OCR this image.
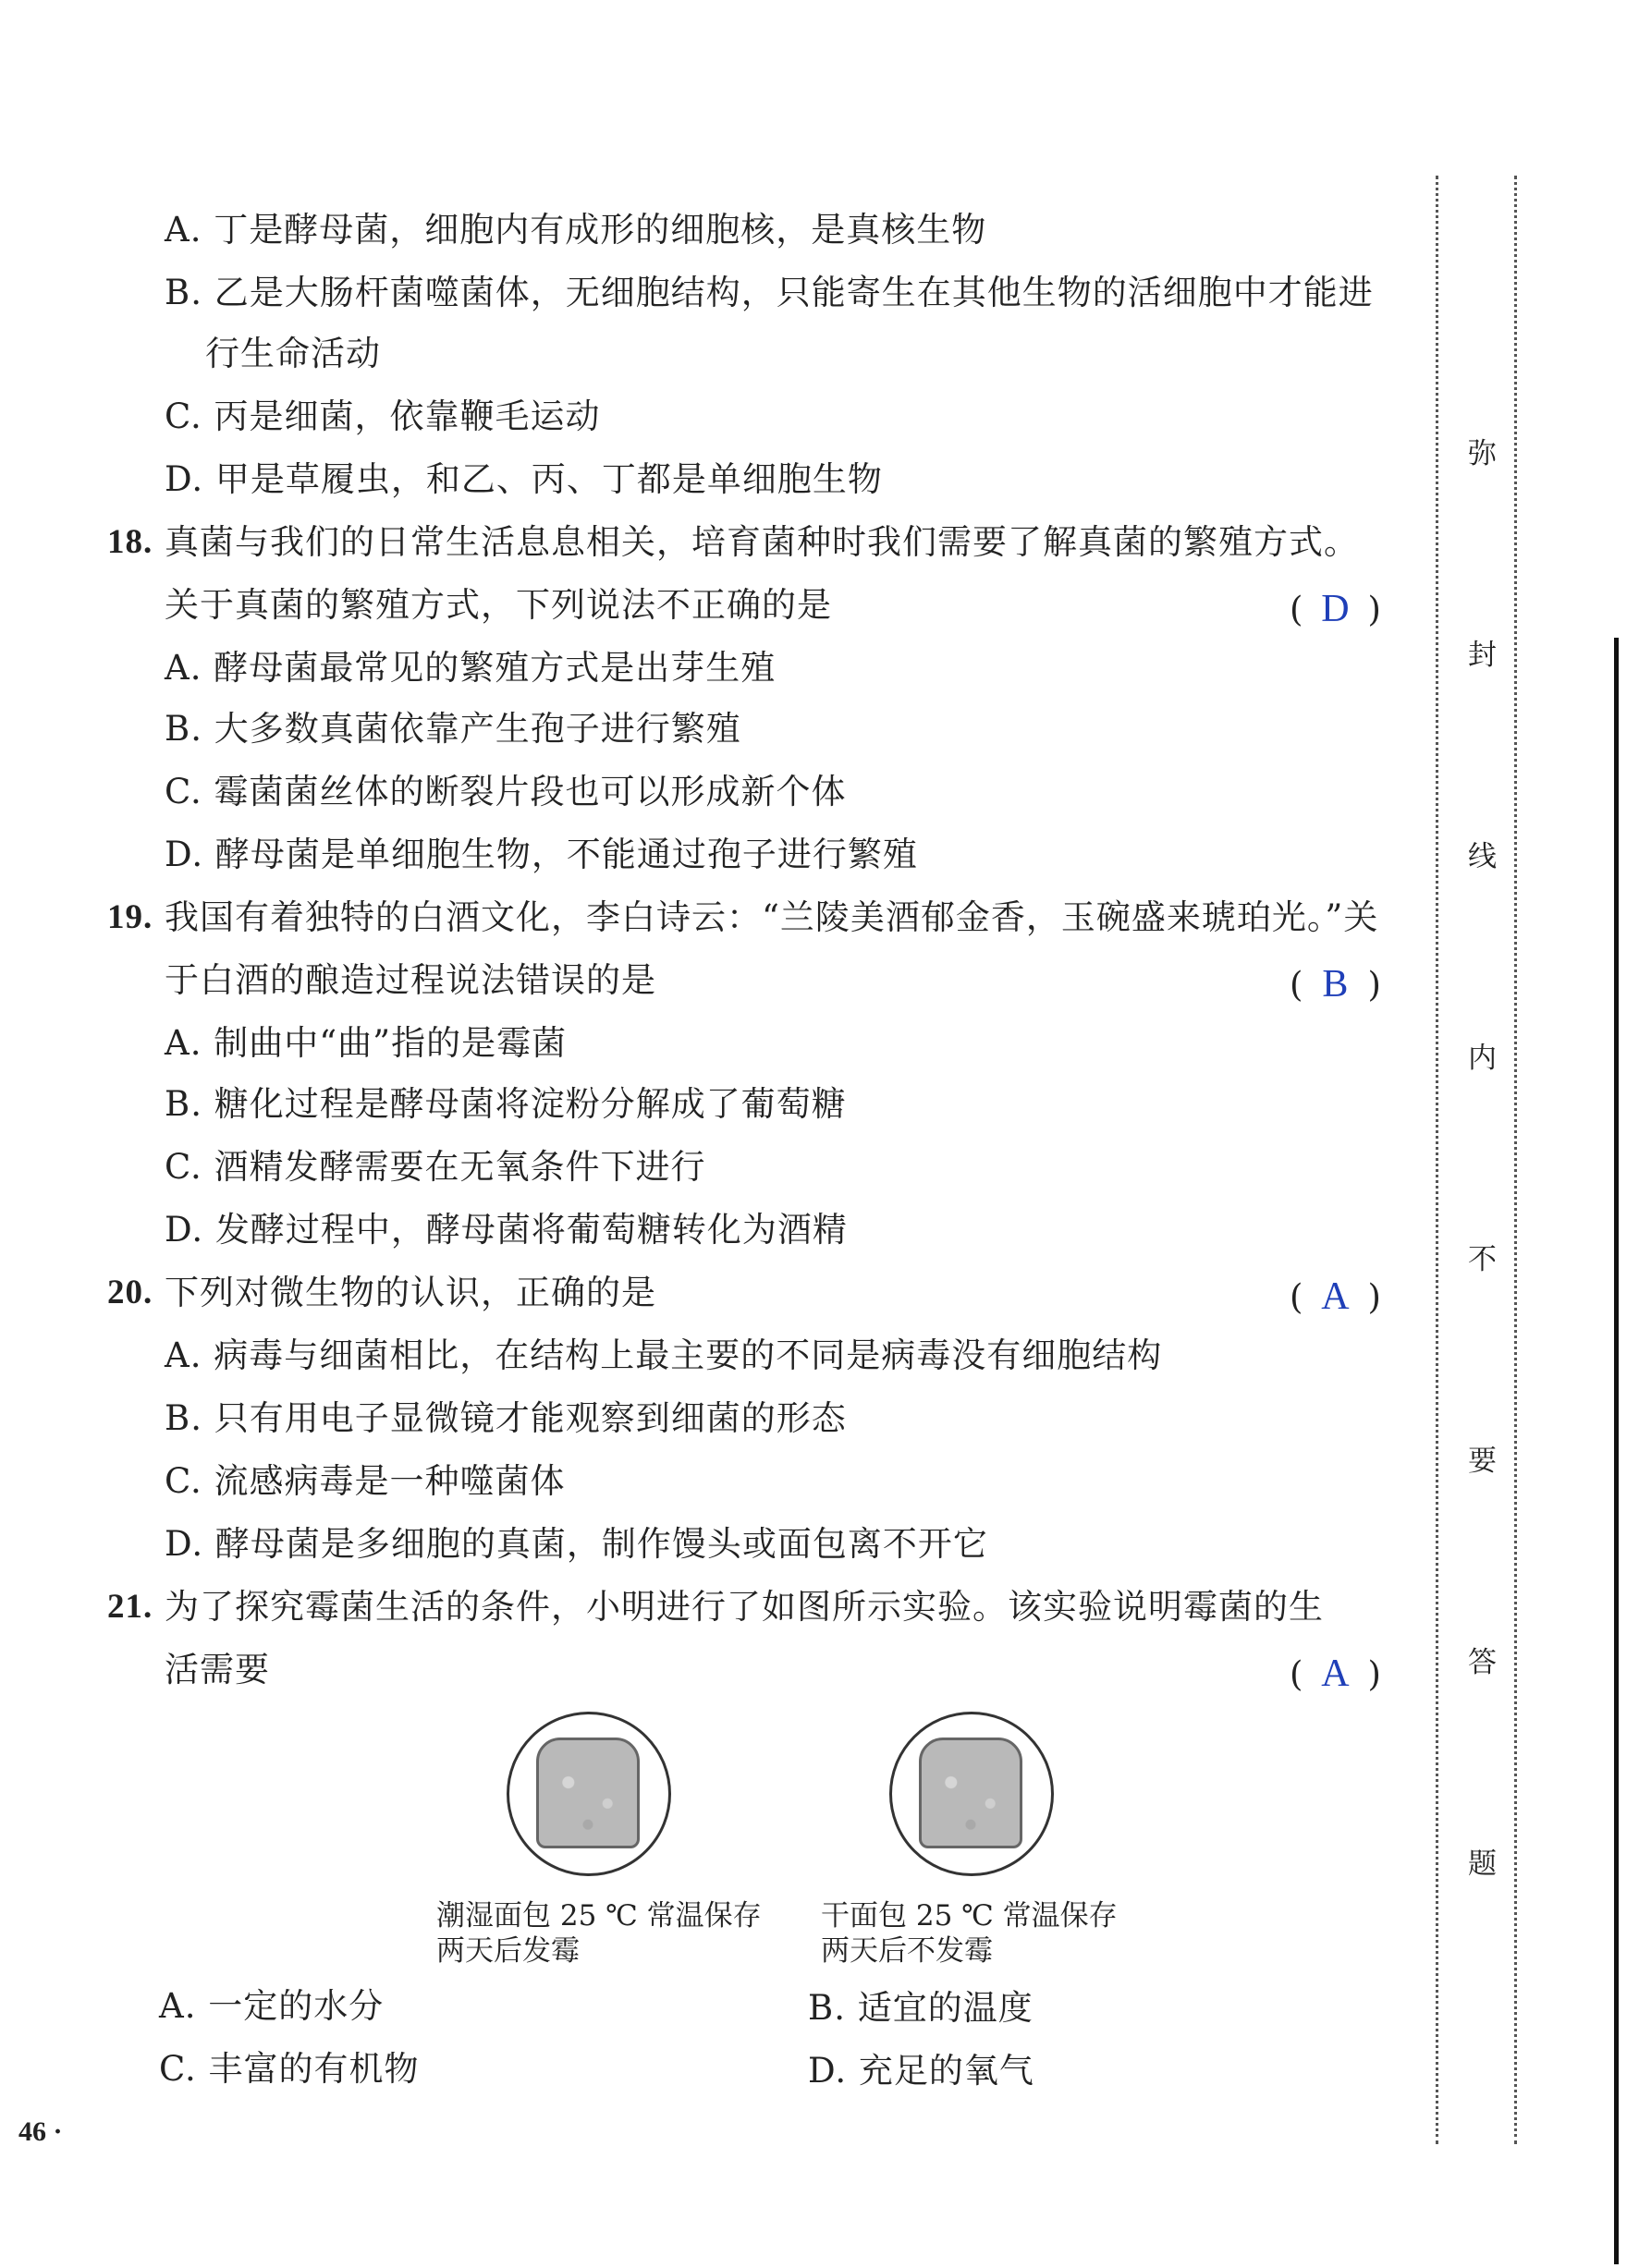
A. 丁是酵母菌，细胞内有成形的细胞核，是真核生物
B. 乙是大肠杆菌噬菌体，无细胞结构，只能寄生在其他生物的活细胞中才能进
行生命活动
C. 丙是细菌，依靠鞭毛运动
D. 甲是草履虫，和乙、丙、丁都是单细胞生物
18. 真菌与我们的日常生活息息相关，培育菌种时我们需要了解真菌的繁殖方式。
关于真菌的繁殖方式，下列说法不正确的是	( D )
A. 酵母菌最常见的繁殖方式是出芽生殖
B. 大多数真菌依靠产生孢子进行繁殖
C. 霉菌菌丝体的断裂片段也可以形成新个体
D. 酵母菌是单细胞生物，不能通过孢子进行繁殖
19. 我国有着独特的白酒文化，李白诗云：“兰陵美酒郁金香，玉碗盛来琥珀光。”关
于白酒的酿造过程说法错误的是	( B )
A. 制曲中“曲”指的是霉菌
B. 糖化过程是酵母菌将淀粉分解成了葡萄糖
C. 酒精发酵需要在无氧条件下进行
D. 发酵过程中，酵母菌将葡萄糖转化为酒精
20. 下列对微生物的认识，正确的是	( A )
A. 病毒与细菌相比，在结构上最主要的不同是病毒没有细胞结构
B. 只有用电子显微镜才能观察到细菌的形态
C. 流感病毒是一种噬菌体
D. 酵母菌是多细胞的真菌，制作馒头或面包离不开它
21. 为了探究霉菌生活的条件，小明进行了如图所示实验。该实验说明霉菌的生
活需要	( A )
潮湿面包 25 ℃ 常温保存
两天后发霉
干面包 25 ℃ 常温保存
两天后不发霉
A. 一定的水分	B. 适宜的温度
C. 丰富的有机物	D. 充足的氧气
弥
封
线
内
不
要
答
题
46 ·
